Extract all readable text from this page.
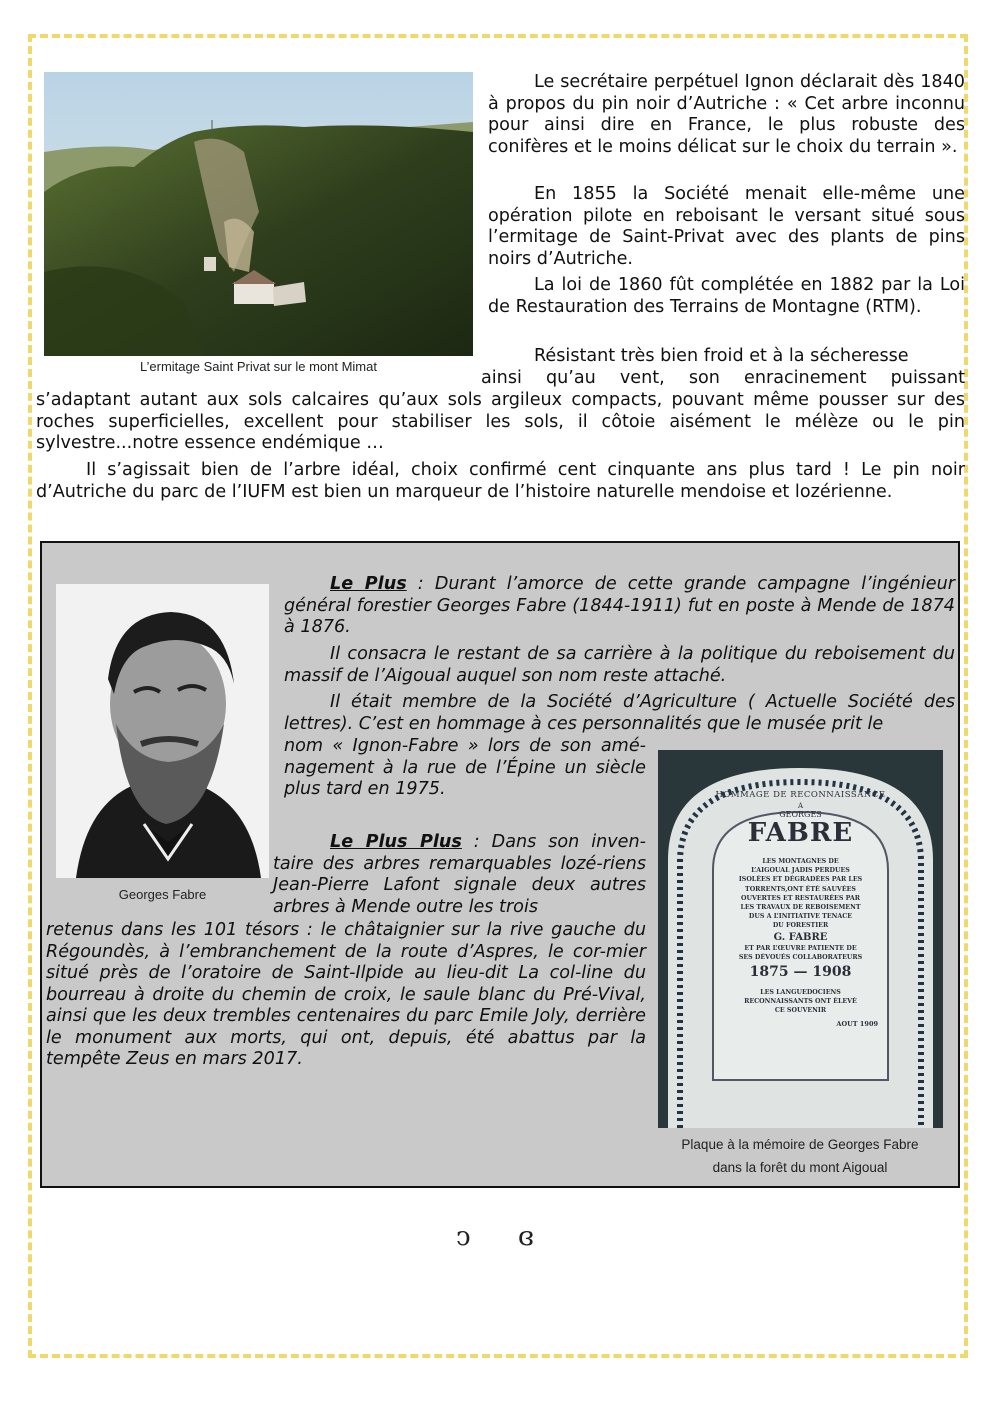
L’ermitage Saint Privat sur le mont Mimat

Le secrétaire perpétuel Ignon déclarait dès 1840 à propos du pin noir d’Autriche : « Cet arbre inconnu pour ainsi dire en France, le plus robuste des conifères et le moins délicat sur le choix du terrain ».

En 1855 la Société menait elle-même une opération pilote en reboisant le versant situé sous l’ermitage de Saint-Privat avec des plants de pins noirs d’Autriche.

La loi de 1860 fût complétée en 1882 par la Loi de Restauration des Terrains de Montagne (RTM).

Résistant très bien froid et à la sécheresse

ainsi qu’au vent, son enracinement puissant

s’adaptant autant aux sols calcaires qu’aux sols argileux compacts, pouvant même pousser sur des roches superficielles, excellent pour stabiliser les sols, il côtoie aisément le mélèze ou le pin sylvestre...notre essence endémique …

Il s’agissait bien de l’arbre idéal, choix confirmé cent cinquante ans plus tard ! Le pin noir d’Autriche du parc de l’IUFM est bien un marqueur de l’histoire naturelle mendoise et lozérienne.

Georges Fabre

Le Plus : Durant l’amorce de cette grande campagne l’ingénieur général forestier Georges Fabre (1844-1911) fut en poste à Mende de 1874 à 1876.

Il consacra le restant de sa carrière à la politique du reboisement du massif de l’Aigoual auquel son nom reste attaché.

Il était membre de la Société d’Agriculture ( Actuelle Société des lettres). C’est en hommage à ces personnalités que le musée prit le

nom « Ignon-Fabre » lors de son amé-nagement à la rue de l’Épine un siècle plus tard en 1975.

Le Plus Plus : Dans son inven-taire des arbres remarquables lozé-riens Jean-Pierre Lafont signale deux autres arbres à Mende outre les trois

retenus dans les 101 tésors : le châtaignier sur la rive gauche du Régoundès, à l’embranchement de la route d’Aspres, le cor-mier situé près de l’oratoire de Saint-Ilpide au lieu-dit La col-line du bourreau à droite du chemin de croix, le saule blanc du Pré-Vival, ainsi que les deux trembles centenaires du parc Emile Joly, derrière le monument aux morts, qui ont, depuis, été abattus par la tempête Zeus en mars 2017.

HOMMAGE DE RECONNAISSANCE
A
GEORGES
FABRE
LES MONTAGNES DE
L’AIGOUAL JADIS PERDUES
ISOLÉES ET DÉGRADÉES PAR LES
TORRENTS,ONT ÉTÉ SAUVÉES
OUVERTES ET RESTAURÉES PAR
LES TRAVAUX DE REBOISEMENT
DUS A L’INITIATIVE TENACE
DU FORESTIER
G. FABRE
ET PAR L’ŒUVRE PATIENTE DE
SES DÉVOUÉS COLLABORATEURS
1875 — 1908
LES LANGUEDOCIENS
RECONNAISSANTS ONT ÉLEVÉ
CE SOUVENIR
AOUT 1909
Plaque à la mémoire de Georges Fabre
dans la forêt du mont Aigoual
ↄ ɞ
